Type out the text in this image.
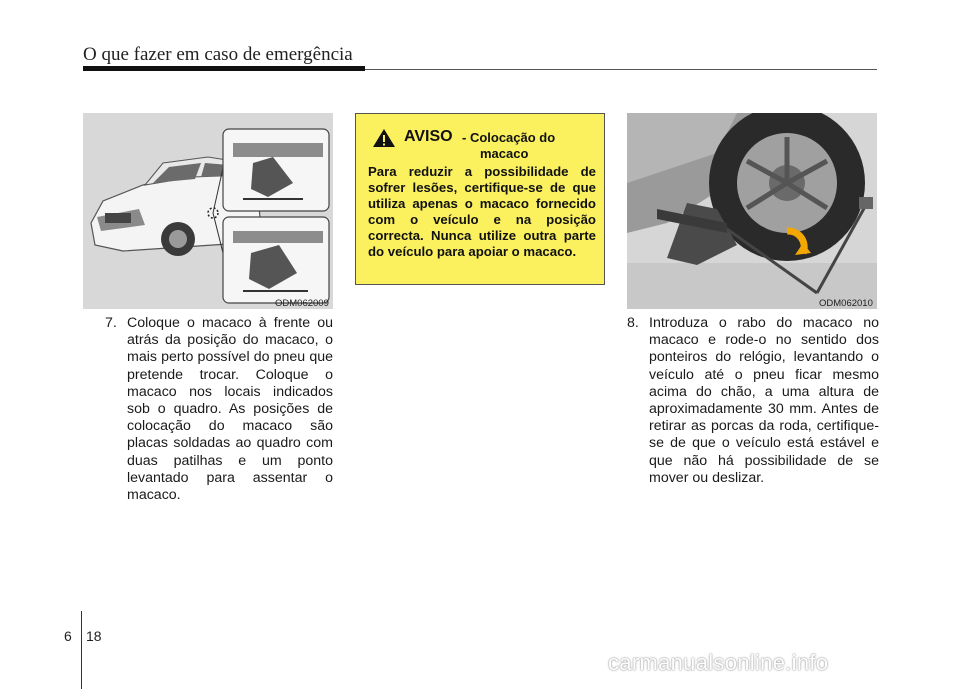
O que fazer em caso de emergência
ODM062009
AVISO - Colocação do
macaco
Para reduzir a possibilidade de sofrer lesões, certifique-se de que utiliza apenas o macaco fornecido com o veículo e na posição correcta. Nunca utilize outra parte do veículo para apoiar o macaco.
ODM062010
7. Coloque o macaco à frente ou atrás da posição do macaco, o mais perto possível do pneu que pretende trocar. Coloque o macaco nos locais indicados sob o quadro. As posições de colocação do macaco são placas soldadas ao quadro com duas patilhas e um ponto levantado para assentar o macaco.
8. Introduza o rabo do macaco no macaco e rode-o no sentido dos ponteiros do relógio, levantando o veículo até o pneu ficar mesmo acima do chão, a uma altura de aproximadamente 30 mm. Antes de retirar as porcas da roda, certifique-se de que o veículo está estável e que não há possibilidade de se mover ou deslizar.
6 18
carmanualsonline.info
